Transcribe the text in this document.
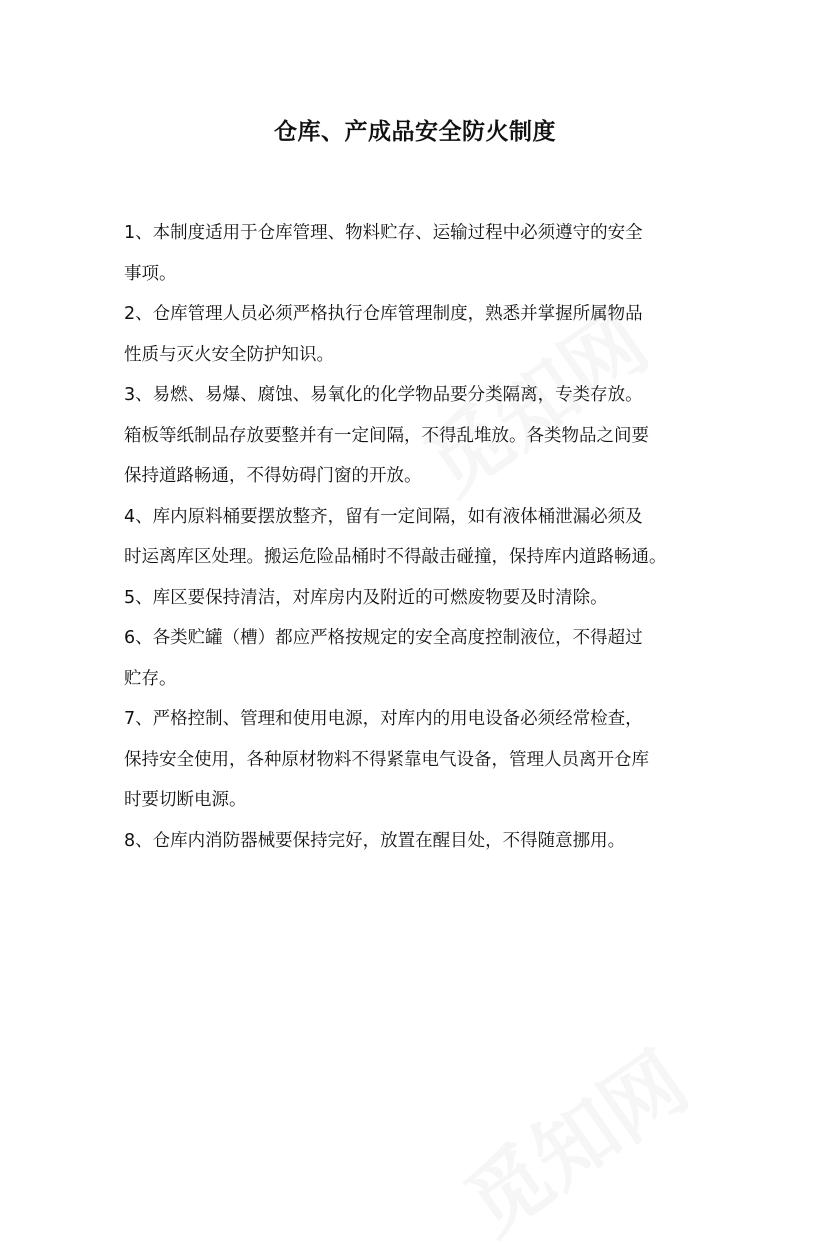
仓库、产成品安全防火制度
1、本制度适用于仓库管理、物料贮存、运输过程中必须遵守的安全
事项。
2、仓库管理人员必须严格执行仓库管理制度，熟悉并掌握所属物品
性质与灭火安全防护知识。
3、易燃、易爆、腐蚀、易氧化的化学物品要分类隔离，专类存放。
箱板等纸制品存放要整并有一定间隔，不得乱堆放。各类物品之间要
保持道路畅通，不得妨碍门窗的开放。
4、库内原料桶要摆放整齐，留有一定间隔，如有液体桶泄漏必须及
时运离库区处理。搬运危险品桶时不得敲击碰撞，保持库内道路畅通。
5、库区要保持清洁，对库房内及附近的可燃废物要及时清除。
6、各类贮罐（槽）都应严格按规定的安全高度控制液位，不得超过
贮存。
7、严格控制、管理和使用电源，对库内的用电设备必须经常检查，
保持安全使用，各种原材物料不得紧靠电气设备，管理人员离开仓库
时要切断电源。
8、仓库内消防器械要保持完好，放置在醒目处，不得随意挪用。
